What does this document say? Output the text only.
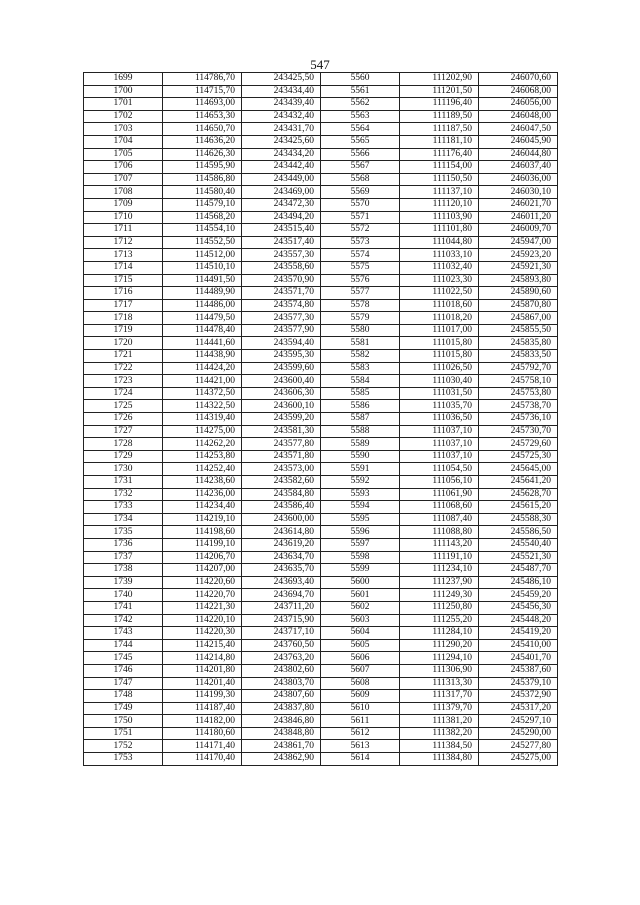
547
1699	114786,70	243425,50	5560	111202,90	246070,60
1700	114715,70	243434,40	5561	111201,50	246068,00
1701	114693,00	243439,40	5562	111196,40	246056,00
1702	114653,30	243432,40	5563	111189,50	246048,00
1703	114650,70	243431,70	5564	111187,50	246047,50
1704	114636,20	243425,60	5565	111181,10	246045,90
1705	114626,30	243434,20	5566	111176,40	246044,80
1706	114595,90	243442,40	5567	111154,00	246037,40
1707	114586,80	243449,00	5568	111150,50	246036,00
1708	114580,40	243469,00	5569	111137,10	246030,10
1709	114579,10	243472,30	5570	111120,10	246021,70
1710	114568,20	243494,20	5571	111103,90	246011,20
1711	114554,10	243515,40	5572	111101,80	246009,70
1712	114552,50	243517,40	5573	111044,80	245947,00
1713	114512,00	243557,30	5574	111033,10	245923,20
1714	114510,10	243558,60	5575	111032,40	245921,30
1715	114491,50	243570,90	5576	111023,30	245893,80
1716	114489,90	243571,70	5577	111022,50	245890,60
1717	114486,00	243574,80	5578	111018,60	245870,80
1718	114479,50	243577,30	5579	111018,20	245867,00
1719	114478,40	243577,90	5580	111017,00	245855,50
1720	114441,60	243594,40	5581	111015,80	245835,80
1721	114438,90	243595,30	5582	111015,80	245833,50
1722	114424,20	243599,60	5583	111026,50	245792,70
1723	114421,00	243600,40	5584	111030,40	245758,10
1724	114372,50	243606,30	5585	111031,50	245753,80
1725	114322,50	243600,10	5586	111035,70	245738,70
1726	114319,40	243599,20	5587	111036,50	245736,10
1727	114275,00	243581,30	5588	111037,10	245730,70
1728	114262,20	243577,80	5589	111037,10	245729,60
1729	114253,80	243571,80	5590	111037,10	245725,30
1730	114252,40	243573,00	5591	111054,50	245645,00
1731	114238,60	243582,60	5592	111056,10	245641,20
1732	114236,00	243584,80	5593	111061,90	245628,70
1733	114234,40	243586,40	5594	111068,60	245615,20
1734	114219,10	243600,00	5595	111087,40	245588,30
1735	114198,60	243614,80	5596	111088,80	245586,50
1736	114199,10	243619,20	5597	111143,20	245540,40
1737	114206,70	243634,70	5598	111191,10	245521,30
1738	114207,00	243635,70	5599	111234,10	245487,70
1739	114220,60	243693,40	5600	111237,90	245486,10
1740	114220,70	243694,70	5601	111249,30	245459,20
1741	114221,30	243711,20	5602	111250,80	245456,30
1742	114220,10	243715,90	5603	111255,20	245448,20
1743	114220,30	243717,10	5604	111284,10	245419,20
1744	114215,40	243760,50	5605	111290,20	245410,00
1745	114214,80	243763,20	5606	111294,10	245401,70
1746	114201,80	243802,60	5607	111306,90	245387,60
1747	114201,40	243803,70	5608	111313,30	245379,10
1748	114199,30	243807,60	5609	111317,70	245372,90
1749	114187,40	243837,80	5610	111379,70	245317,20
1750	114182,00	243846,80	5611	111381,20	245297,10
1751	114180,60	243848,80	5612	111382,20	245290,00
1752	114171,40	243861,70	5613	111384,50	245277,80
1753	114170,40	243862,90	5614	111384,80	245275,00
